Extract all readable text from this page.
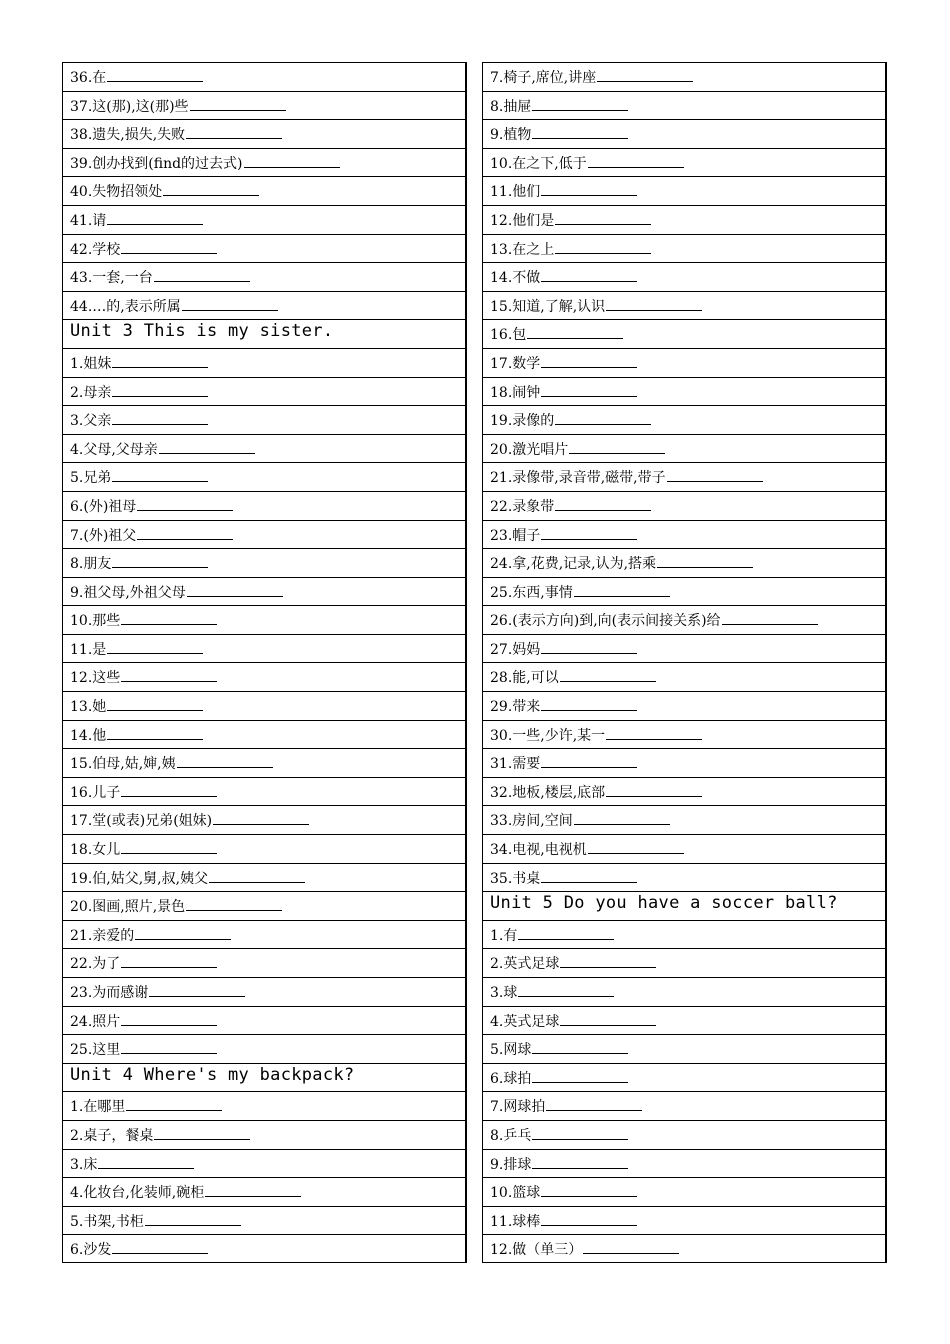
36.在
37.这(那),这(那)些
38.遗失,损失,失败
39.创办找到(find的过去式)
40.失物招领处
41.请
42.学校
43.一套,一台
44.…的,表示所属
Unit 3 This is my sister.
1.姐妹
2.母亲
3.父亲
4.父母,父母亲
5.兄弟
6.(外)祖母
7.(外)祖父
8.朋友
9.祖父母,外祖父母
10.那些
11.是
12.这些
13.她
14.他
15.伯母,姑,婶,姨
16.儿子
17.堂(或表)兄弟(姐妹)
18.女儿
19.伯,姑父,舅,叔,姨父
20.图画,照片,景色
21.亲爱的
22.为了
23.为而感谢
24.照片
25.这里
Unit 4 Where's my backpack?
1.在哪里
2.桌子，餐桌
3.床
4.化妆台,化装师,碗柜
5.书架,书柜
6.沙发
7.椅子,席位,讲座
8.抽屉
9.植物
10.在之下,低于
11.他们
12.他们是
13.在之上
14.不做
15.知道,了解,认识
16.包
17.数学
18.闹钟
19.录像的
20.激光唱片
21.录像带,录音带,磁带,带子
22.录象带
23.帽子
24.拿,花费,记录,认为,搭乘
25.东西,事情
26.(表示方向)到,向(表示间接关系)给
27.妈妈
28.能,可以
29.带来
30.一些,少许,某一
31.需要
32.地板,楼层,底部
33.房间,空间
34.电视,电视机
35.书桌
Unit 5 Do you have a soccer ball?
1.有
2.英式足球
3.球
4.英式足球
5.网球
6.球拍
7.网球拍
8.乒乓
9.排球
10.篮球
11.球棒
12.做（单三）
